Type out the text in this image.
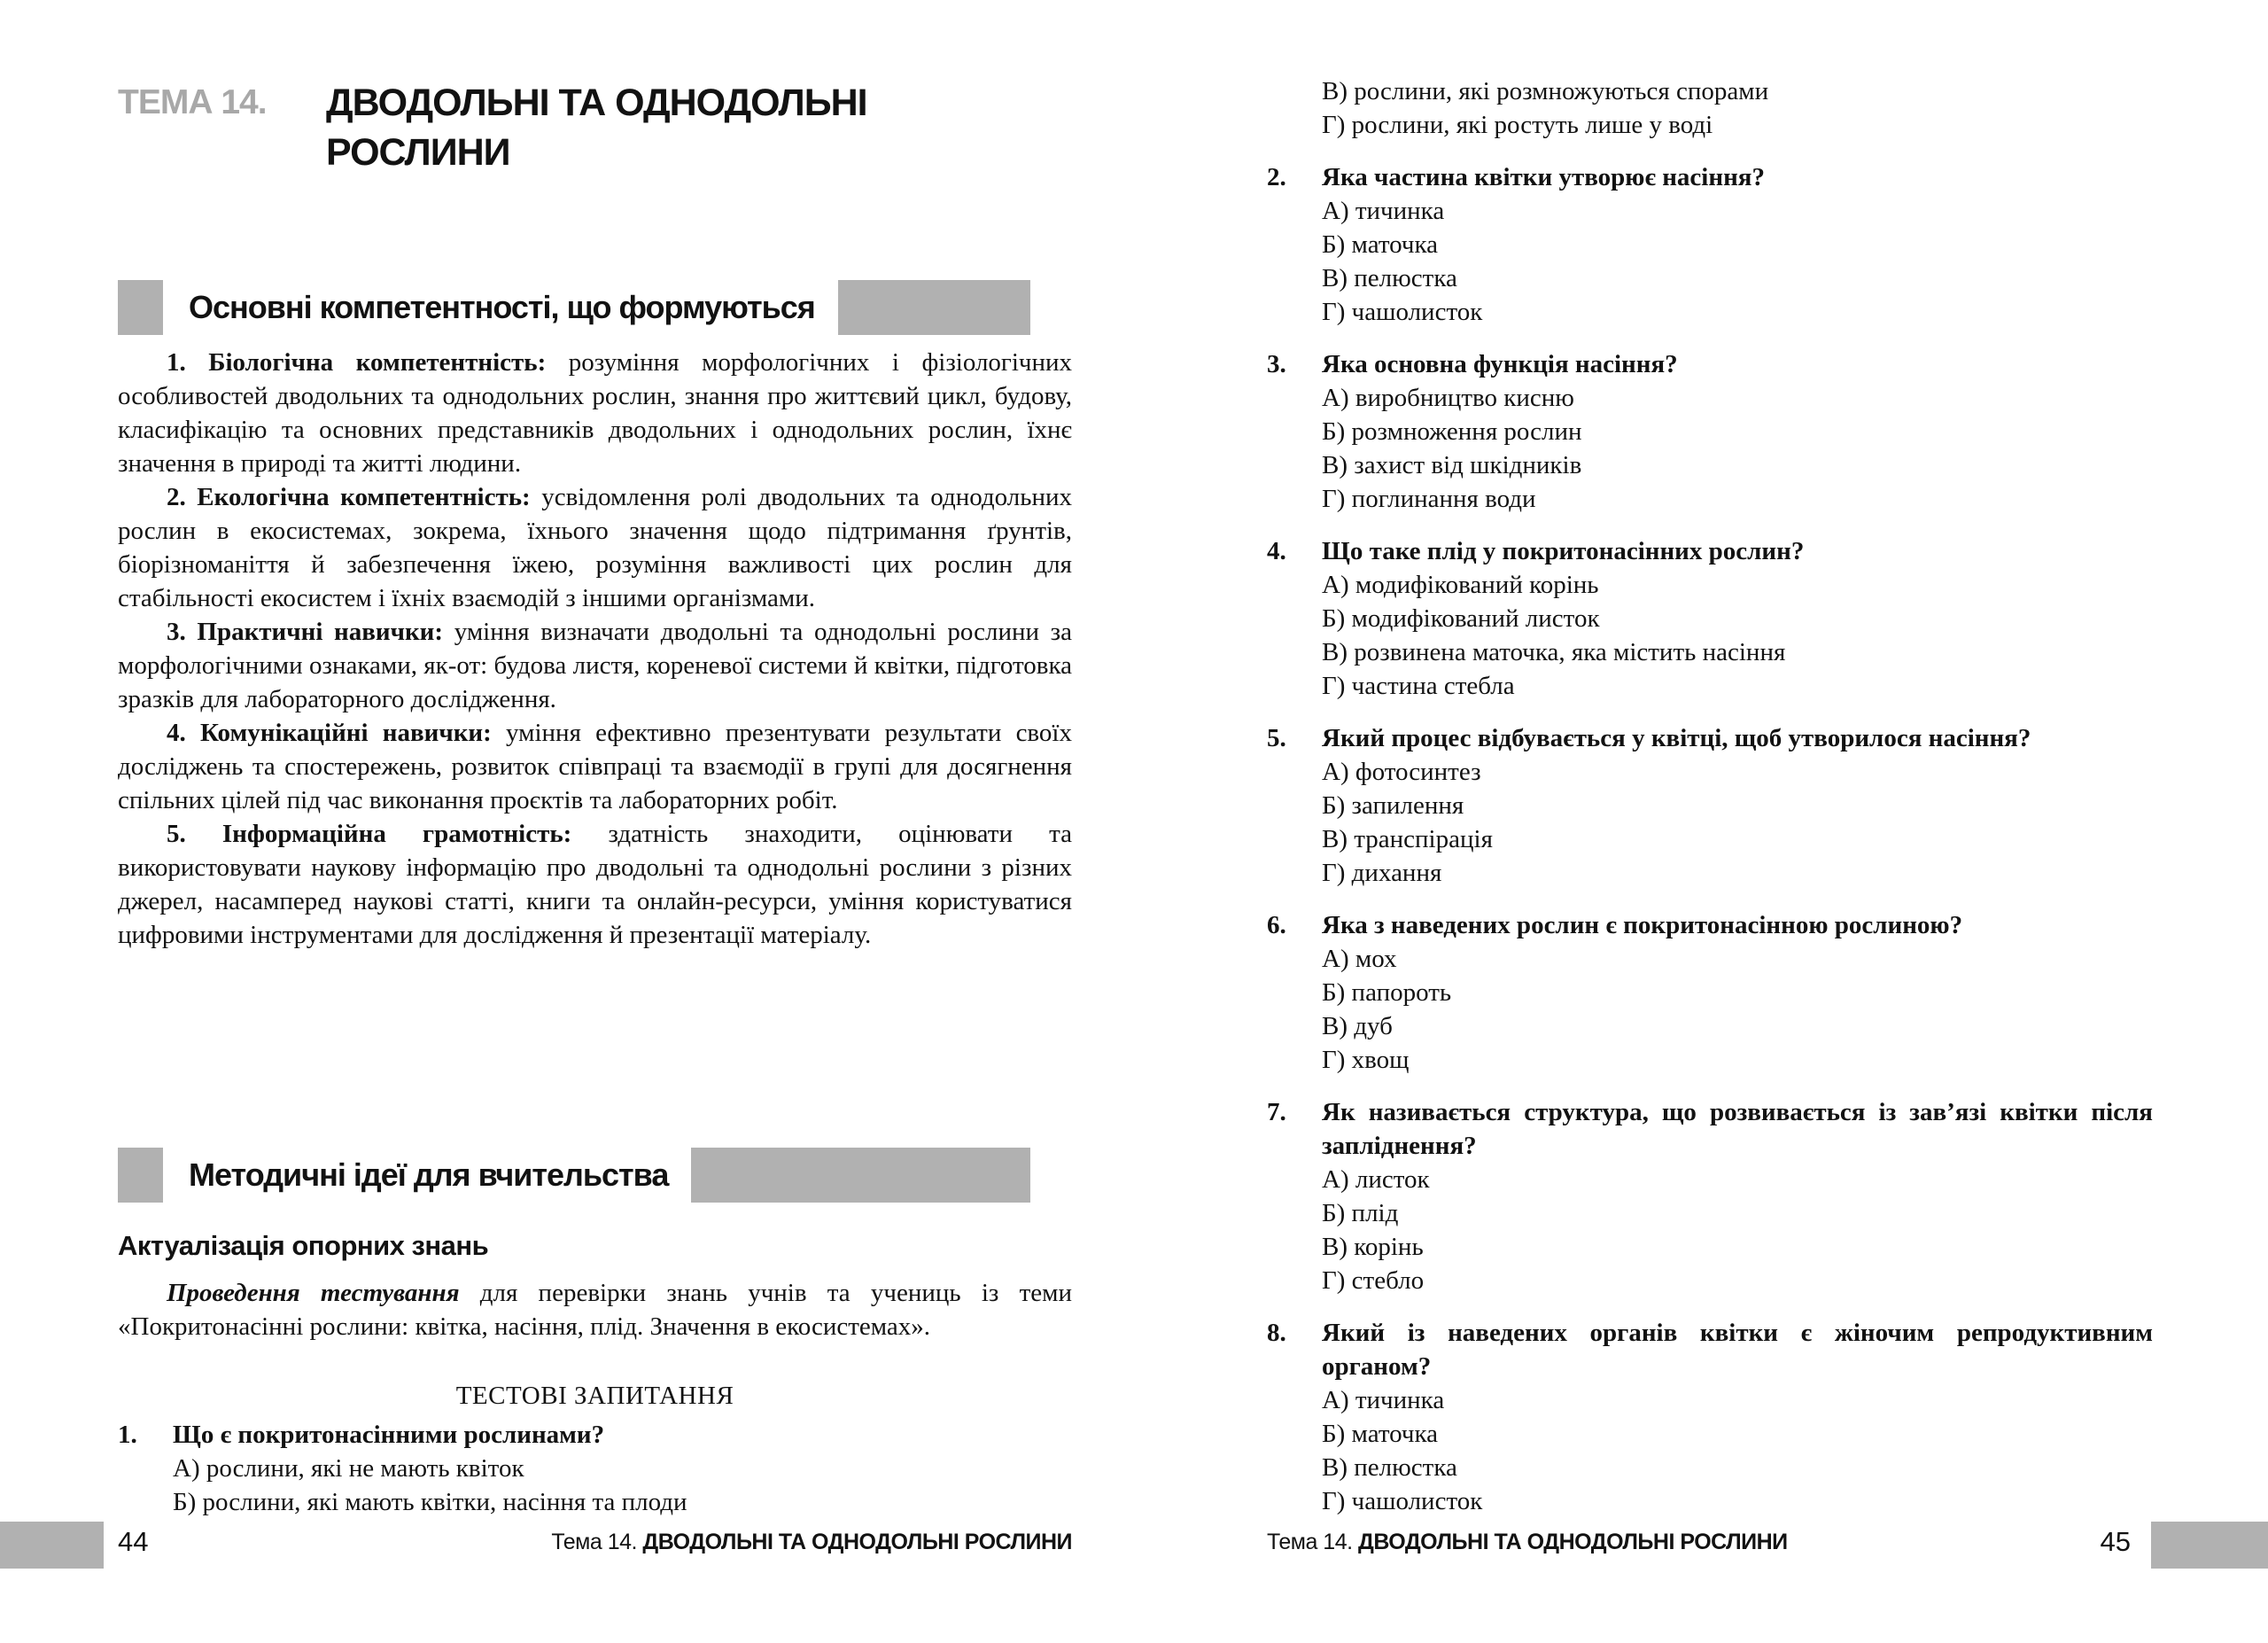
ТЕМА 14.	ДВОДОЛЬНІ ТА ОДНОДОЛЬНІ РОСЛИНИ
Основні компетентності, що формуються

1. Біологічна компетентність: розуміння морфологічних і фізіологічних особливостей дводольних та однодольних рослин, знання про життєвий цикл, будову, класифікацію та основних представників дводольних і однодольних рослин, їхнє значення в природі та житті людини.

2. Екологічна компетентність: усвідомлення ролі дводольних та однодольних рослин в екосистемах, зокрема, їхнього значення щодо підтримання ґрунтів, біорізноманіття й забезпечення їжею, розуміння важливості цих рослин для стабільності екосистем і їхніх взаємодій з іншими організмами.

3. Практичні навички: уміння визначати дводольні та однодольні рослини за морфологічними ознаками, як-от: будова листя, кореневої системи й квітки, підготовка зразків для лабораторного дослідження.

4. Комунікаційні навички: уміння ефективно презентувати результати своїх досліджень та спостережень, розвиток співпраці та взаємодії в групі для досягнення спільних цілей під час виконання проєктів та лабораторних робіт.

5. Інформаційна грамотність: здатність знаходити, оцінювати та використовувати наукову інформацію про дводольні та однодольні рослини з різних джерел, насамперед наукові статті, книги та онлайн-ресурси, уміння користуватися цифровими інструментами для дослідження й презентації матеріалу.

Методичні ідеї для вчительства
Актуалізація опорних знань

Проведення тестування для перевірки знань учнів та учениць із теми «Покритонасінні рослини: квітка, насіння, плід. Значення в екосистемах».

ТЕСТОВІ ЗАПИТАННЯ
1. Що є покритонасінними рослинами?
А) рослини, які не мають квіток
Б) рослини, які мають квітки, насіння та плоди
44	Тема 14. ДВОДОЛЬНІ ТА ОДНОДОЛЬНІ РОСЛИНИ
В) рослини, які розмножуються спорами
Г) рослини, які ростуть лише у воді
2. Яка частина квітки утворює насіння?
А) тичинка
Б) маточка
В) пелюстка
Г) чашолисток
3. Яка основна функція насіння?
А) виробництво кисню
Б) розмноження рослин
В) захист від шкідників
Г) поглинання води
4. Що таке плід у покритонасінних рослин?
А) модифікований корінь
Б) модифікований листок
В) розвинена маточка, яка містить насіння
Г) частина стебла
5. Який процес відбувається у квітці, щоб утворилося насіння?
А) фотосинтез
Б) запилення
В) транспірація
Г) дихання
6. Яка з наведених рослин є покритонасінною рослиною?
А) мох
Б) папороть
В) дуб
Г) хвощ
7. Як називається структура, що розвивається із зав’язі квітки після запліднення?
А) листок
Б) плід
В) корінь
Г) стебло
8. Який із наведених органів квітки є жіночим репродуктивним органом?
А) тичинка
Б) маточка
В) пелюстка
Г) чашолисток
Тема 14. ДВОДОЛЬНІ ТА ОДНОДОЛЬНІ РОСЛИНИ	45
